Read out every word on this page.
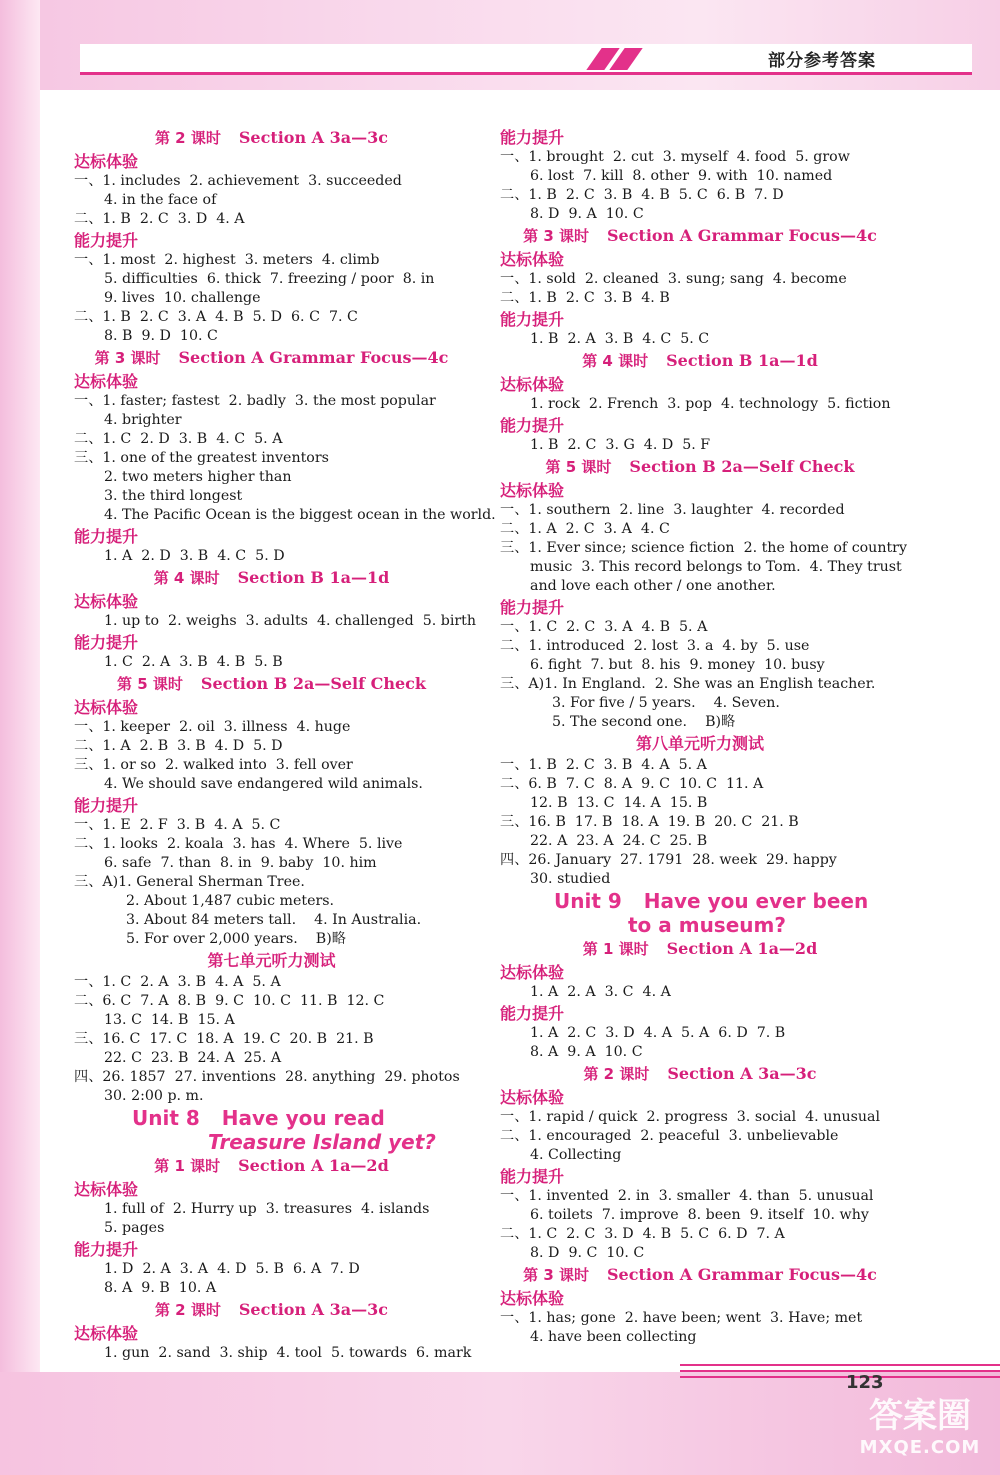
部分参考答案
123
答案圈
MXQE.COM
第 2 课时 Section A 3a—3c
达标体验
一、1. includes  2. achievement  3. succeeded
4. in the face of
二、1. B  2. C  3. D  4. A
能力提升
一、1. most  2. highest  3. meters  4. climb
5. difficulties  6. thick  7. freezing / poor  8. in
9. lives  10. challenge
二、1. B  2. C  3. A  4. B  5. D  6. C  7. C
8. B  9. D  10. C
第 3 课时 Section A Grammar Focus—4c
达标体验
一、1. faster; fastest  2. badly  3. the most popular
4. brighter
二、1. C  2. D  3. B  4. C  5. A
三、1. one of the greatest inventors
2. two meters higher than
3. the third longest
4. The Pacific Ocean is the biggest ocean in the world.
能力提升
1. A  2. D  3. B  4. C  5. D
第 4 课时 Section B 1a—1d
达标体验
1. up to  2. weighs  3. adults  4. challenged  5. birth
能力提升
1. C  2. A  3. B  4. B  5. B
第 5 课时 Section B 2a—Self Check
达标体验
一、1. keeper  2. oil  3. illness  4. huge
二、1. A  2. B  3. B  4. D  5. D
三、1. or so  2. walked into  3. fell over
4. We should save endangered wild animals.
能力提升
一、1. E  2. F  3. B  4. A  5. C
二、1. looks  2. koala  3. has  4. Where  5. live
6. safe  7. than  8. in  9. baby  10. him
三、A)1. General Sherman Tree.
2. About 1,487 cubic meters.
3. About 84 meters tall.    4. In Australia.
5. For over 2,000 years.    B)略
第七单元听力测试
一、1. C  2. A  3. B  4. A  5. A
二、6. C  7. A  8. B  9. C  10. C  11. B  12. C
13. C  14. B  15. A
三、16. C  17. C  18. A  19. C  20. B  21. B
22. C  23. B  24. A  25. A
四、26. 1857  27. inventions  28. anything  29. photos
30. 2:00 p. m.
Unit 8 Have you read
Treasure Island yet?
第 1 课时 Section A 1a—2d
达标体验
1. full of  2. Hurry up  3. treasures  4. islands
5. pages
能力提升
1. D  2. A  3. A  4. D  5. B  6. A  7. D
8. A  9. B  10. A
第 2 课时 Section A 3a—3c
达标体验
1. gun  2. sand  3. ship  4. tool  5. towards  6. mark
能力提升
一、1. brought  2. cut  3. myself  4. food  5. grow
6. lost  7. kill  8. other  9. with  10. named
二、1. B  2. C  3. B  4. B  5. C  6. B  7. D
8. D  9. A  10. C
第 3 课时 Section A Grammar Focus—4c
达标体验
一、1. sold  2. cleaned  3. sung; sang  4. become
二、1. B  2. C  3. B  4. B
能力提升
1. B  2. A  3. B  4. C  5. C
第 4 课时 Section B 1a—1d
达标体验
1. rock  2. French  3. pop  4. technology  5. fiction
能力提升
1. B  2. C  3. G  4. D  5. F
第 5 课时 Section B 2a—Self Check
达标体验
一、1. southern  2. line  3. laughter  4. recorded
二、1. A  2. C  3. A  4. C
三、1. Ever since; science fiction  2. the home of country
music  3. This record belongs to Tom.  4. They trust
and love each other / one another.
能力提升
一、1. C  2. C  3. A  4. B  5. A
二、1. introduced  2. lost  3. a  4. by  5. use
6. fight  7. but  8. his  9. money  10. busy
三、A)1. In England.  2. She was an English teacher.
3. For five / 5 years.    4. Seven.
5. The second one.    B)略
第八单元听力测试
一、1. B  2. C  3. B  4. A  5. A
二、6. B  7. C  8. A  9. C  10. C  11. A
12. B  13. C  14. A  15. B
三、16. B  17. B  18. A  19. B  20. C  21. B
22. A  23. A  24. C  25. B
四、26. January  27. 1791  28. week  29. happy
30. studied
Unit 9 Have you ever been
to a museum?
第 1 课时 Section A 1a—2d
达标体验
1. A  2. A  3. C  4. A
能力提升
1. A  2. C  3. D  4. A  5. A  6. D  7. B
8. A  9. A  10. C
第 2 课时 Section A 3a—3c
达标体验
一、1. rapid / quick  2. progress  3. social  4. unusual
二、1. encouraged  2. peaceful  3. unbelievable
4. Collecting
能力提升
一、1. invented  2. in  3. smaller  4. than  5. unusual
6. toilets  7. improve  8. been  9. itself  10. why
二、1. C  2. C  3. D  4. B  5. C  6. D  7. A
8. D  9. C  10. C
第 3 课时 Section A Grammar Focus—4c
达标体验
一、1. has; gone  2. have been; went  3. Have; met
4. have been collecting
